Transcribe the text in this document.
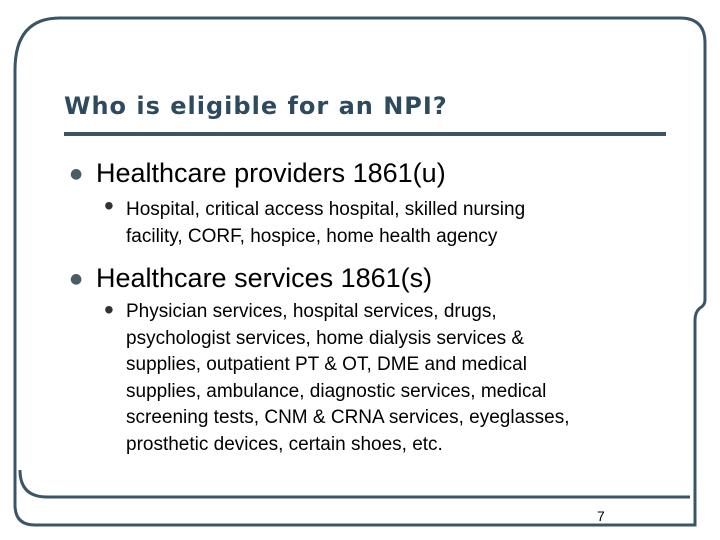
Who is eligible for an NPI?
● Healthcare providers 1861(u)
• Hospital, critical access hospital, skilled nursing
facility, CORF, hospice, home health agency
● Healthcare services 1861(s)
• Physician services, hospital services, drugs,
psychologist services, home dialysis services &
supplies, outpatient PT & OT, DME and medical
supplies, ambulance, diagnostic services, medical
screening tests, CNM & CRNA services, eyeglasses,
prosthetic devices, certain shoes, etc.
7
